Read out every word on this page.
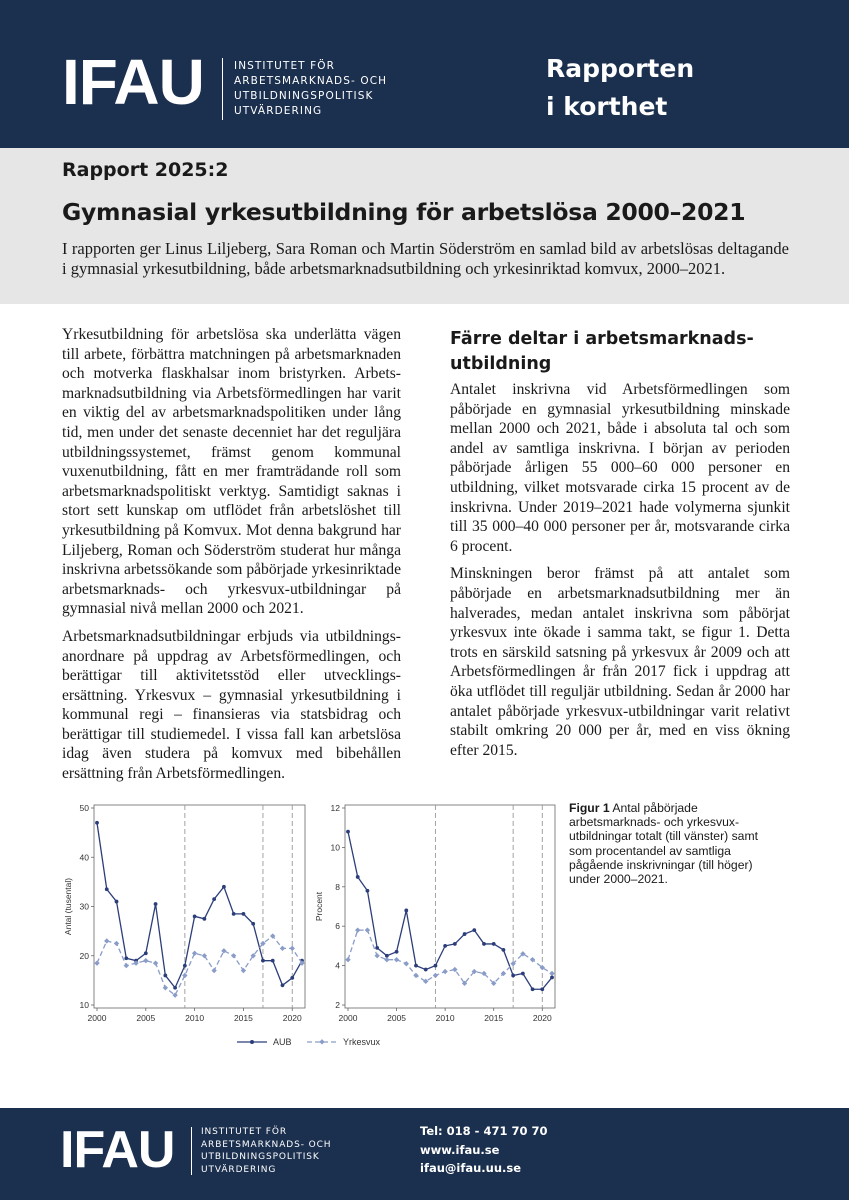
IFAU	INSTITUTET FÖR
ARBETSMARKNADS- OCH
UTBILDNINGSPOLITISK
UTVÄRDERING
Rapporten
i korthet
Rapport 2025:2
Gymnasial yrkesutbildning för arbetslösa 2000–2021
I rapporten ger Linus Liljeberg, Sara Roman och Martin Söderström en samlad bild av arbetslösas deltagande i gymnasial yrkesutbildning, både arbetsmarknadsutbildning och yrkesinriktad komvux, 2000–2021.

Yrkesutbildning för arbetslösa ska underlätta vägen till arbete, förbättra matchningen på arbetsmarknaden och motverka flaskhalsar inom bristyrken. Arbetsmarknadsutbildning via Arbetsförmedlingen har varit en viktig del av arbetsmarknadspolitiken under lång tid, men under det senaste decenniet har det reguljära utbildningssystemet, främst genom kommunal vuxenutbildning, fått en mer framträdande roll som arbetsmarknadspolitiskt verktyg. Samtidigt saknas i stort sett kunskap om utflödet från arbetslöshet till yrkesutbildning på Komvux. Mot denna bakgrund har Liljeberg, Roman och Söderström studerat hur många inskrivna arbetssökande som påbörjade yrkesinriktade arbetsmarknads- och yrkesvux-utbildningar på gymnasial nivå mellan 2000 och 2021.

Arbetsmarknadsutbildningar erbjuds via utbildningsanordnare på uppdrag av Arbetsförmedlingen, och berättigar till aktivitetsstöd eller utvecklingsersättning. Yrkesvux – gymnasial yrkesutbildning i kommunal regi – finansieras via statsbidrag och berättigar till studiemedel. I vissa fall kan arbetslösa idag även studera på komvux med bibehållen ersättning från Arbetsförmedlingen.

Färre deltar i arbetsmarknadsutbildning

Antalet inskrivna vid Arbetsförmedlingen som påbörjade en gymnasial yrkesutbildning minskade mellan 2000 och 2021, både i absoluta tal och som andel av samtliga inskrivna. I början av perioden påbörjade årligen 55 000–60 000 personer en utbildning, vilket motsvarade cirka 15 procent av de inskrivna. Under 2019–2021 hade volymerna sjunkit till 35 000–40 000 personer per år, motsvarande cirka 6 procent.

Minskningen beror främst på att antalet som påbörjade en arbetsmarknadsutbildning mer än halverades, medan antalet inskrivna som påbörjat yrkesvux inte ökade i samma takt, se figur 1. Detta trots en särskild satsning på yrkesvux år 2009 och att Arbetsförmedlingen år från 2017 fick i uppdrag att öka utflödet till reguljär utbildning. Sedan år 2000 har antalet påbörjade yrkesvux-utbildningar varit relativt stabilt omkring 20 000 per år, med en viss ökning efter 2015.

10
20
30
40
50
2000	2005	2010	2015	2020
Antal (tusental)
2
4
6
8
10
12
2000	2005	2010	2015	2020
Procent
AUB	Yrkesvux
Figur 1 Antal påbörjade arbetsmarknads- och yrkesvux-utbildningar totalt (till vänster) samt som procentandel av samtliga pågående inskrivningar (till höger) under 2000–2021.
IFAU	INSTITUTET FÖR
ARBETSMARKNADS- OCH
UTBILDNINGSPOLITISK
UTVÄRDERING
Tel: 018 - 471 70 70
www.ifau.se
ifau@ifau.uu.se
